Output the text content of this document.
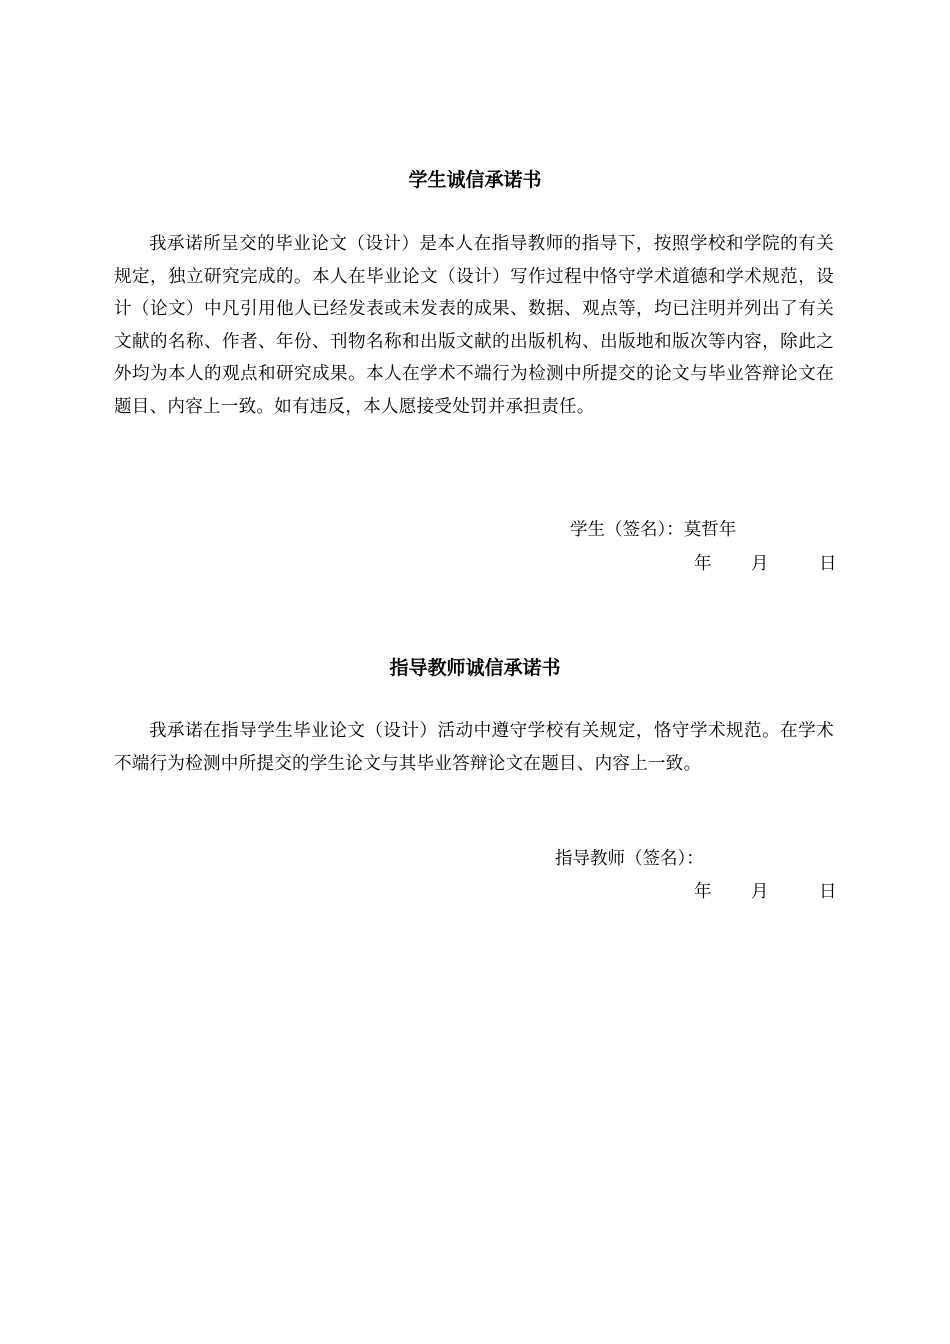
学生诚信承诺书
我承诺所呈交的毕业论文（设计）是本人在指导教师的指导下，按照学校和学院的有关规定，独立研究完成的。本人在毕业论文（设计）写作过程中恪守学术道德和学术规范，设计（论文）中凡引用他人已经发表或未发表的成果、数据、观点等，均已注明并列出了有关文献的名称、作者、年份、刊物名称和出版文献的出版机构、出版地和版次等内容，除此之外均为本人的观点和研究成果。本人在学术不端行为检测中所提交的论文与毕业答辩论文在题目、内容上一致。如有违反，本人愿接受处罚并承担责任。
学生（签名）：莫哲年
年 月	日
指导教师诚信承诺书
我承诺在指导学生毕业论文（设计）活动中遵守学校有关规定，恪守学术规范。在学术不端行为检测中所提交的学生论文与其毕业答辩论文在题目、内容上一致。
指导教师（签名）：
年 月	日
